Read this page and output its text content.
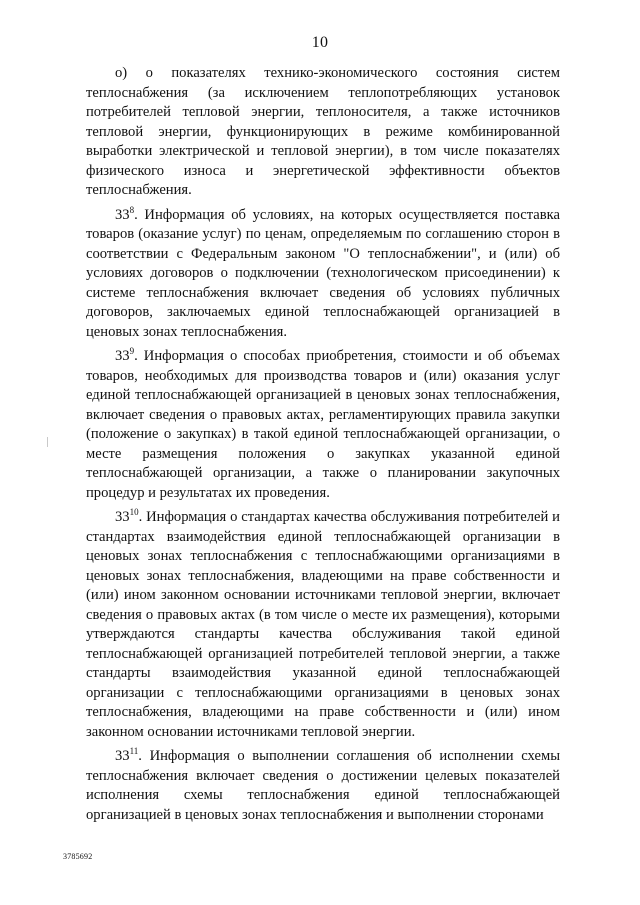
10

о) о показателях технико-экономического состояния систем теплоснабжения (за исключением теплопотребляющих установок потребителей тепловой энергии, теплоносителя, а также источников тепловой энергии, функционирующих в режиме комбинированной выработки электрической и тепловой энергии), в том числе показателях физического износа и энергетической эффективности объектов теплоснабжения.

$33^8$. Информация об условиях, на которых осуществляется поставка товаров (оказание услуг) по ценам, определяемым по соглашению сторон в соответствии с Федеральным законом "О теплоснабжении", и (или) об условиях договоров о подключении (технологическом присоединении) к системе теплоснабжения включает сведения об условиях публичных договоров, заключаемых единой теплоснабжающей организацией в ценовых зонах теплоснабжения.

$33^9$. Информация о способах приобретения, стоимости и об объемах товаров, необходимых для производства товаров и (или) оказания услуг единой теплоснабжающей организацией в ценовых зонах теплоснабжения, включает сведения о правовых актах, регламентирующих правила закупки (положение о закупках) в такой единой теплоснабжающей организации, о месте размещения положения о закупках указанной единой теплоснабжающей организации, а также о планировании закупочных процедур и результатах их проведения.

$33^{10}$. Информация о стандартах качества обслуживания потребителей и стандартах взаимодействия единой теплоснабжающей организации в ценовых зонах теплоснабжения с теплоснабжающими организациями в ценовых зонах теплоснабжения, владеющими на праве собственности и (или) ином законном основании источниками тепловой энергии, включает сведения о правовых актах (в том числе о месте их размещения), которыми утверждаются стандарты качества обслуживания такой единой теплоснабжающей организацией потребителей тепловой энергии, а также стандарты взаимодействия указанной единой теплоснабжающей организации с теплоснабжающими организациями в ценовых зонах теплоснабжения, владеющими на праве собственности и (или) ином законном основании источниками тепловой энергии.

$33^{11}$. Информация о выполнении соглашения об исполнении схемы теплоснабжения включает сведения о достижении целевых показателей исполнения схемы теплоснабжения единой теплоснабжающей организацией в ценовых зонах теплоснабжения и выполнении сторонами

3785692
